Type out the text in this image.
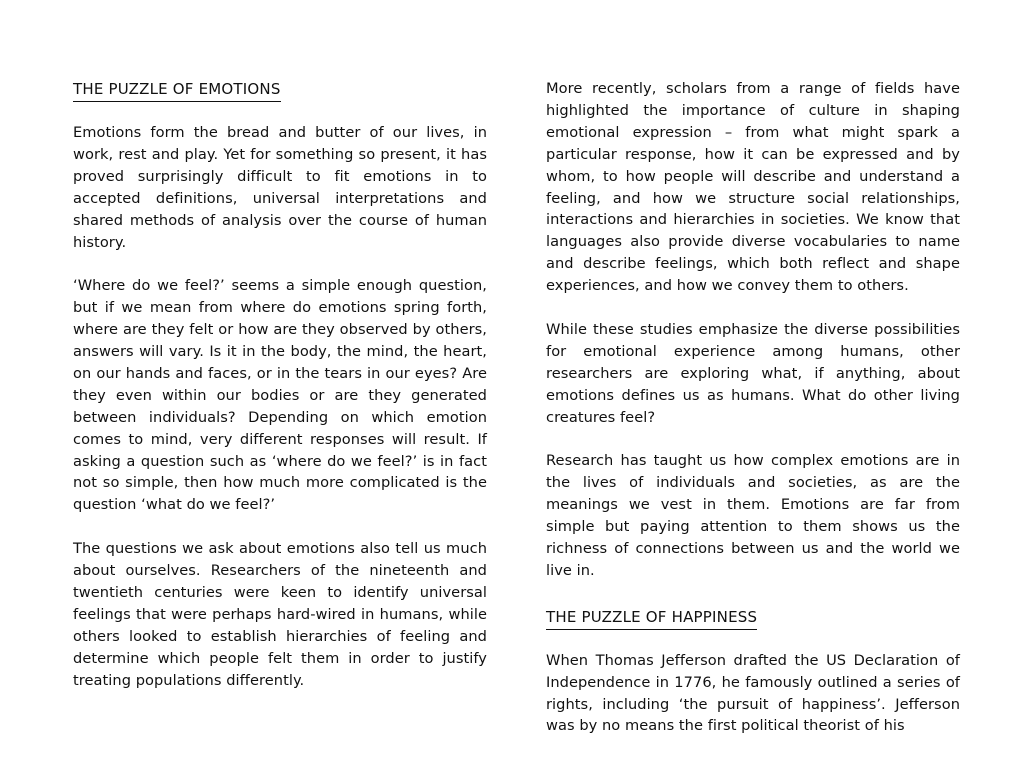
THE PUZZLE OF EMOTIONS

Emotions form the bread and butter of our lives, in work, rest and play. Yet for something so present, it has proved surprisingly difficult to fit emotions in to accepted definitions, universal interpretations and shared methods of analysis over the course of human history.

‘Where do we feel?’ seems a simple enough question, but if we mean from where do emotions spring forth, where are they felt or how are they observed by others, answers will vary. Is it in the body, the mind, the heart, on our hands and faces, or in the tears in our eyes? Are they even within our bodies or are they generated between individuals? Depending on which emotion comes to mind, very different responses will result. If asking a question such as ‘where do we feel?’ is in fact not so simple, then how much more complicated is the question ‘what do we feel?’

The questions we ask about emotions also tell us much about ourselves. Researchers of the nineteenth and twentieth centuries were keen to identify universal feelings that were perhaps hard-wired in humans, while others looked to establish hierarchies of feeling and determine which people felt them in order to justify treating populations differently.

More recently, scholars from a range of fields have highlighted the importance of culture in shaping emotional expression – from what might spark a particular response, how it can be expressed and by whom, to how people will describe and understand a feeling, and how we structure social relationships, interactions and hierarchies in societies. We know that languages also provide diverse vocabularies to name and describe feelings, which both reflect and shape experiences, and how we convey them to others.

While these studies emphasize the diverse possibilities for emotional experience among humans, other researchers are exploring what, if anything, about emotions defines us as humans. What do other living creatures feel?

Research has taught us how complex emotions are in the lives of individuals and societies, as are the meanings we vest in them. Emotions are far from simple but paying attention to them shows us the richness of connections between us and the world we live in.

THE PUZZLE OF HAPPINESS

When Thomas Jefferson drafted the US Declaration of Independence in 1776, he famously outlined a series of rights, including ‘the pursuit of happiness’. Jefferson was by no means the first political theorist of his
